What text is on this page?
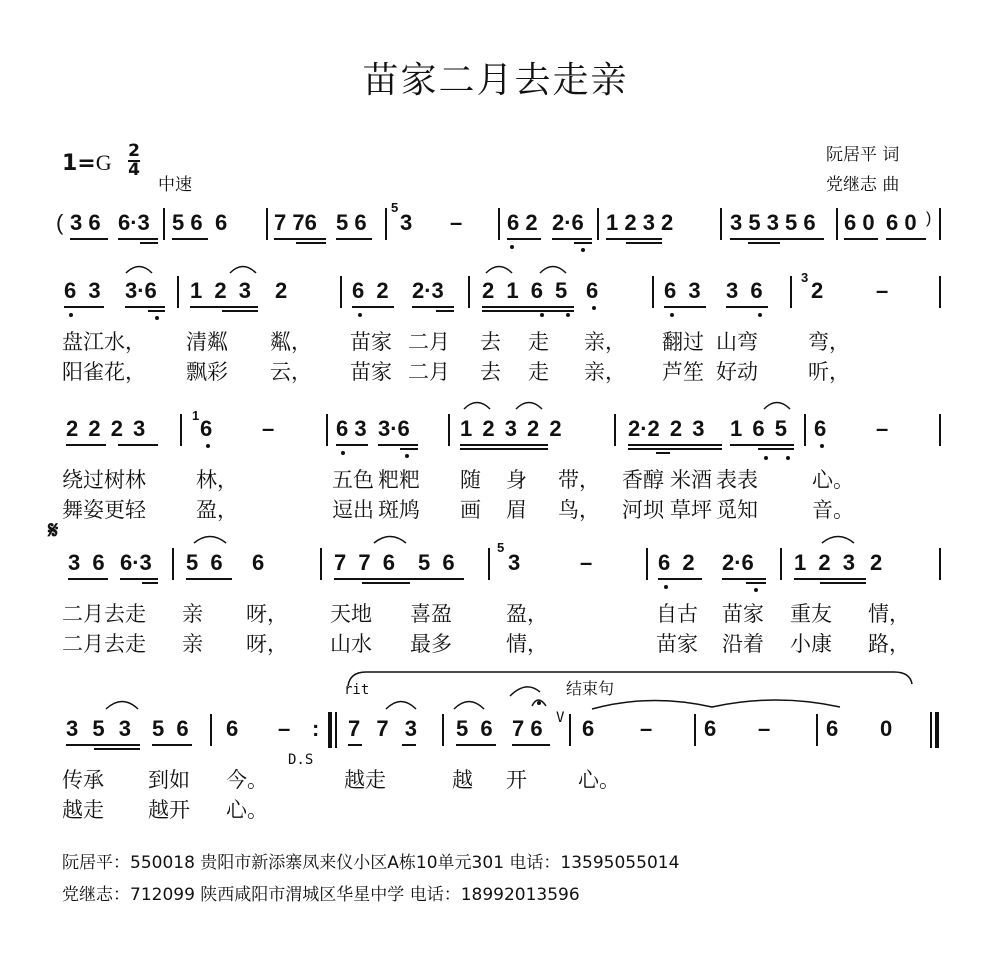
苗家二月去走亲
阮居平 词
党继志 曲
1=G 2
4
中速
( 3 6 6·3 5 6 6 7 76 5 6
5
3 – 6 2 2·6 1 2 3 2	3 5 3 5 6 6 0 6 0 )
6 3 3·6 1 2 3 2	6 2 2·3 2 1 6 5 6	6 3 3 6
3
2 –
盘江水， 清粼 粼， 苗家 二月 去 走 亲， 翻过 山弯 弯，
阳雀花， 飘彩 云， 苗家 二月 去 走 亲， 芦笙 好动 听，
2 2 2 3
1
6 –	6 3 3·6 1 2 3 2 2	2·2 2 3 1 6 5 6 –
绕过树林 林，	五色 粑粑 随 身 带， 香醇 米酒 表表	心。
舞姿更轻 盈，	逗出 斑鸠 画 眉 鸟， 河坝 草坪 觅知	音。
𝄋
3 6 6·3 5 6 6	7 7 6 5 6
5
3	–	6 2 2·6 1 2 3 2
二月去走 亲 呀， 天地 喜盈	盈，	自古 苗家 重友 情，
二月去走 亲 呀， 山水 最多	情，	苗家 沿着 小康 路，
rit	结束句
3 5 3 5 6 6 – :
D.S
7 7 3 5 6 7 6 V 6 – 6 –	6 0
传承 到如 今。	越走	越 开 心。
越走 越开 心。
阮居平：550018 贵阳市新添寨凤来仪小区A栋10单元301 电话：13595055014
党继志：712099 陕西咸阳市渭城区华星中学 电话：18992013596
